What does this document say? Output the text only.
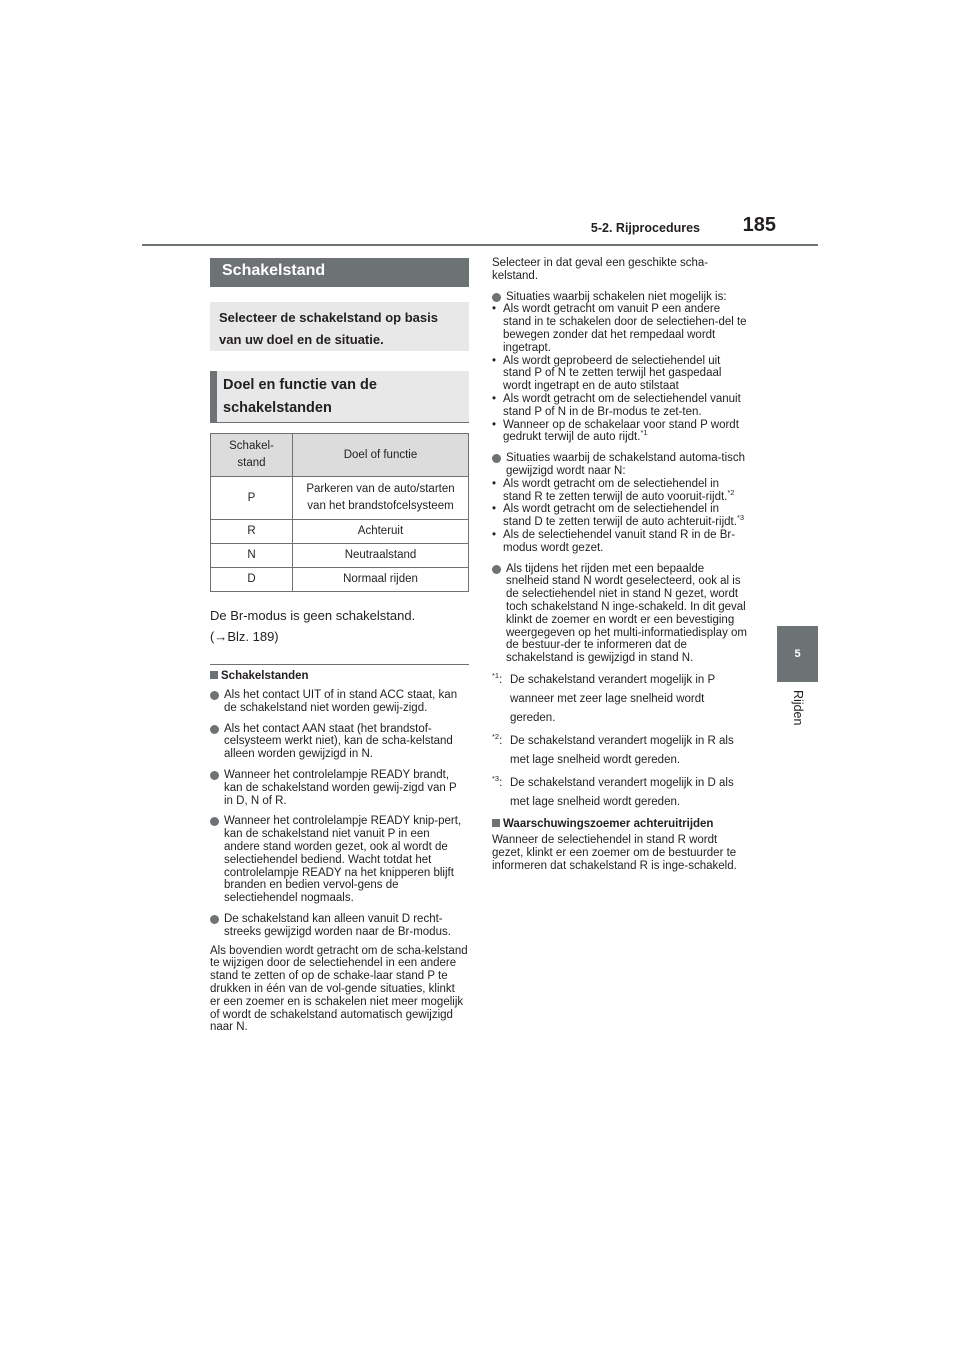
5-2. Rijprocedures	185
5
Rijden
Schakelstand
Selecteer de schakelstand op basis van uw doel en de situatie.
Doel en functie van de schakelstanden
Schakel-
stand	Doel of functie
P	Parkeren van de auto/starten van het brandstofcelsysteem
R	Achteruit
N	Neutraalstand
D	Normaal rijden
De Br-modus is geen schakelstand.
(→Blz. 189)
Schakelstanden
Als het contact UIT of in stand ACC staat, kan de schakelstand niet worden gewij-zigd.
Als het contact AAN staat (het brandstof-celsysteem werkt niet), kan de scha-kelstand alleen worden gewijzigd in N.
Wanneer het controlelampje READY brandt, kan de schakelstand worden gewij-zigd van P in D, N of R.
Wanneer het controlelampje READY knip-pert, kan de schakelstand niet vanuit P in een andere stand worden gezet, ook al wordt de selectiehendel bediend. Wacht totdat het controlelampje READY na het knipperen blijft branden en bedien vervol-gens de selectiehendel nogmaals.
De schakelstand kan alleen vanuit D recht-streeks gewijzigd worden naar de Br-modus.
Als bovendien wordt getracht om de scha-kelstand te wijzigen door de selectiehendel in een andere stand te zetten of op de schake-laar stand P te drukken in één van de vol-gende situaties, klinkt er een zoemer en is schakelen niet meer mogelijk of wordt de schakelstand automatisch gewijzigd naar N.
Selecteer in dat geval een geschikte scha-kelstand.
Situaties waarbij schakelen niet mogelijk is:
• Als wordt getracht om vanuit P een andere stand in te schakelen door de selectiehen-del te bewegen zonder dat het rempedaal wordt ingetrapt.
• Als wordt geprobeerd de selectiehendel uit stand P of N te zetten terwijl het gaspedaal wordt ingetrapt en de auto stilstaat
• Als wordt getracht om de selectiehendel vanuit stand P of N in de Br-modus te zet-ten.
• Wanneer op de schakelaar voor stand P wordt gedrukt terwijl de auto rijdt.$^{*1}$
Situaties waarbij de schakelstand automa-tisch gewijzigd wordt naar N:
• Als wordt getracht om de selectiehendel in stand R te zetten terwijl de auto vooruit-rijdt.$^{*2}$
• Als wordt getracht om de selectiehendel in stand D te zetten terwijl de auto achteruit-rijdt.$^{*3}$
• Als de selectiehendel vanuit stand R in de Br-modus wordt gezet.
Als tijdens het rijden met een bepaalde snelheid stand N wordt geselecteerd, ook al is de selectiehendel niet in stand N gezet, wordt toch schakelstand N inge-schakeld. In dit geval klinkt de zoemer en wordt er een bevestiging weergegeven op het multi-informatiedisplay om de bestuur-der te informeren dat de schakelstand is gewijzigd in stand N.
$^{*1}$: De schakelstand verandert mogelijk in P wanneer met zeer lage snelheid wordt gereden.
$^{*2}$: De schakelstand verandert mogelijk in R als met lage snelheid wordt gereden.
$^{*3}$: De schakelstand verandert mogelijk in D als met lage snelheid wordt gereden.
Waarschuwingszoemer achteruitrijden
Wanneer de selectiehendel in stand R wordt gezet, klinkt er een zoemer om de bestuurder te informeren dat schakelstand R is inge-schakeld.
